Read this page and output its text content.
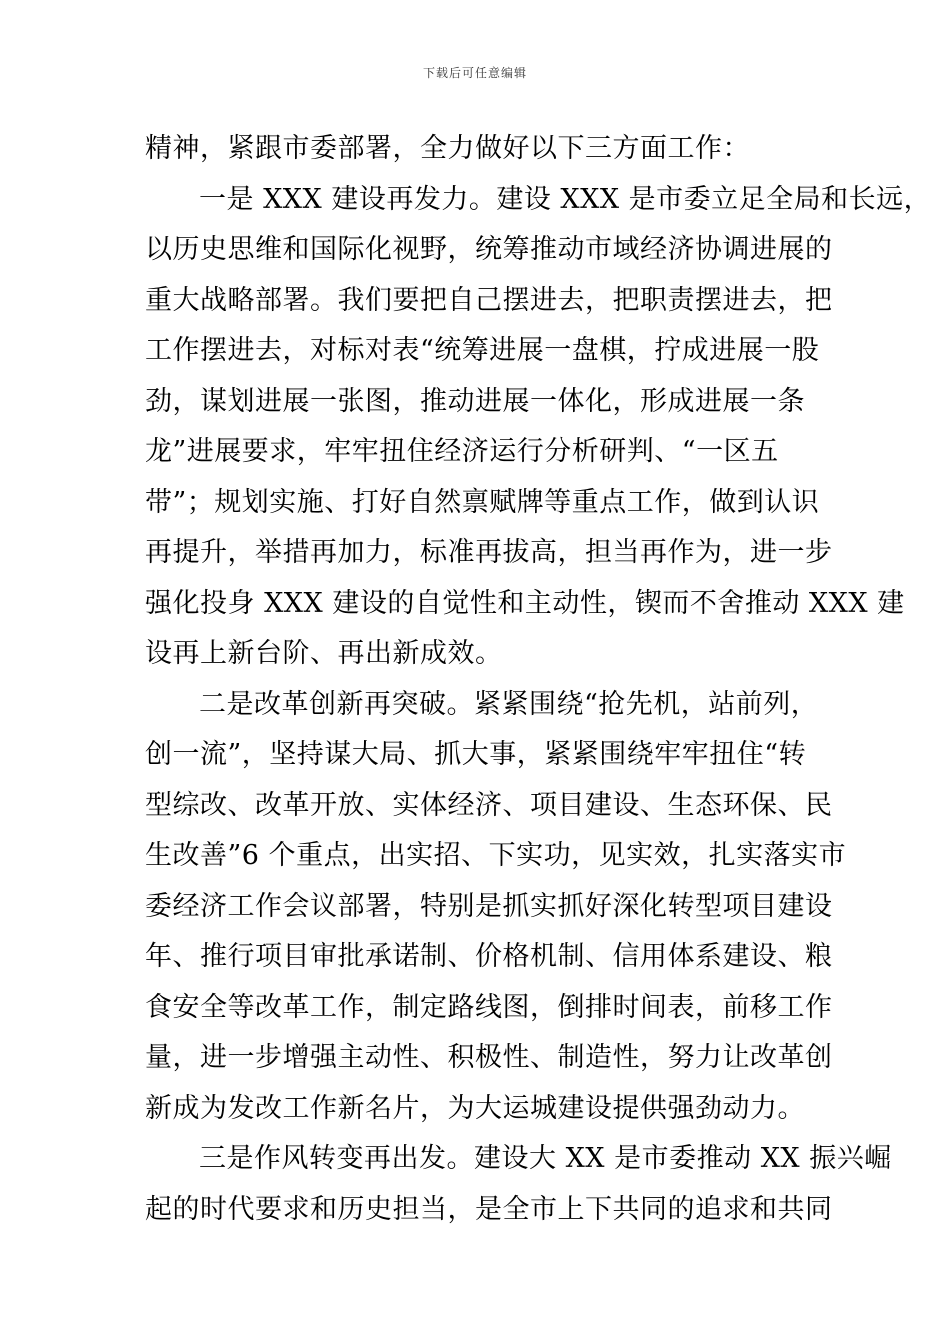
下载后可任意编辑
精神，紧跟市委部署，全力做好以下三方面工作：
一是 XXX 建设再发力。建设 XXX 是市委立足全局和长远，
以历史思维和国际化视野，统筹推动市域经济协调进展的
重大战略部署。我们要把自己摆进去，把职责摆进去，把
工作摆进去，对标对表“统筹进展一盘棋，拧成进展一股
劲，谋划进展一张图，推动进展一体化，形成进展一条
龙”进展要求，牢牢扭住经济运行分析研判、“一区五
带”；规划实施、打好自然禀赋牌等重点工作，做到认识
再提升，举措再加力，标准再拔高，担当再作为，进一步
强化投身 XXX 建设的自觉性和主动性，锲而不舍推动 XXX 建
设再上新台阶、再出新成效。
二是改革创新再突破。紧紧围绕“抢先机，站前列，
创一流”，坚持谋大局、抓大事，紧紧围绕牢牢扭住“转
型综改、改革开放、实体经济、项目建设、生态环保、民
生改善”6 个重点，出实招、下实功，见实效，扎实落实市
委经济工作会议部署，特别是抓实抓好深化转型项目建设
年、推行项目审批承诺制、价格机制、信用体系建设、粮
食安全等改革工作，制定路线图，倒排时间表，前移工作
量，进一步增强主动性、积极性、制造性，努力让改革创
新成为发改工作新名片，为大运城建设提供强劲动力。
三是作风转变再出发。建设大 XX 是市委推动 XX 振兴崛
起的时代要求和历史担当，是全市上下共同的追求和共同
